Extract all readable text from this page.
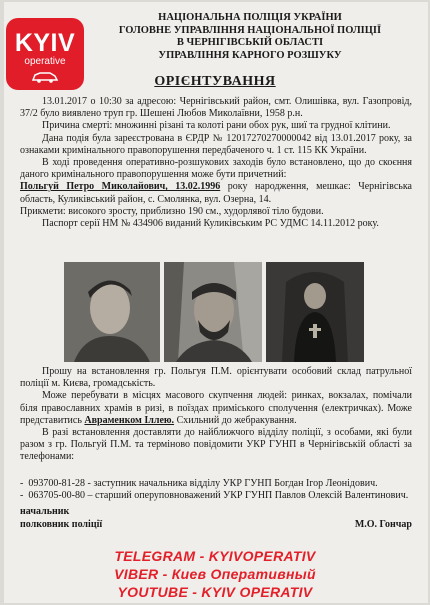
KYIV
operative
НАЦІОНАЛЬНА ПОЛІЦІЯ УКРАЇНИ
ГОЛОВНЕ УПРАВЛІННЯ НАЦІОНАЛЬНОЇ ПОЛІЦІЇ
В ЧЕРНІГІВСЬКІЙ ОБЛАСТІ
УПРАВЛІННЯ КАРНОГО РОЗШУКУ
ОРІЄНТУВАННЯ

13.01.2017 о 10:30 за адресою: Чернігівський район, смт. Олишівка, вул. Газопровід, 37/2 було виявлено труп гр. Шешені Любов Миколаївни, 1958 р.н.

Причина смерті: множинні різані та колоті рани обох рук, шиї та грудної клітини.

Дана подія була зареєстрована в ЄРДР № 12017270270000042 від 13.01.2017 року, за ознаками кримінального правопорушення передбаченого ч. 1 ст. 115 КК України.

В ході проведення оперативно-розшукових заходів було встановлено, що до скоєння даного кримінального правопорушення може бути причетний:

Польгуй Петро Миколайович, 13.02.1996 року народження, мешкає: Чернігівська область, Куликівський район, с. Смолянка, вул. Озерна, 14.

Прикмети: високого зросту, приблизно 190 см., худорлявої тіло будови.

Паспорт серії НМ № 434906 виданий Куликівським РС УДМС 14.11.2012 року.

Прошу на встановлення гр. Польгуя П.М. орієнтувати особовий склад патрульної поліції м. Києва, громадськість.

Може перебувати в місцях масового скупчення людей: ринках, вокзалах, помічали біля православних храмів в ризі, в поїздах приміського сполучення (електричках). Може представитись Авраменком Іллею. Схильний до жебракування.

В разі встановлення доставляти до найближчого відділу поліції, з особами, які були разом з гр. Польгуй П.М. та терміново повідомити УКР ГУНП в Чернігівській області за телефонами:

-  093700-81-28 - заступник начальника відділу УКР ГУНП Богдан Ігор Леонідович.
-  063705-00-80 – старший оперуповноважений УКР ГУНП Павлов Олексій Валентинович.
начальник
полковник поліції	М.О. Гончар
TELEGRAM - KYIVOPERATIV
VIBER - Киев Оперативный
YOUTUBE - KYIV OPERATIV
